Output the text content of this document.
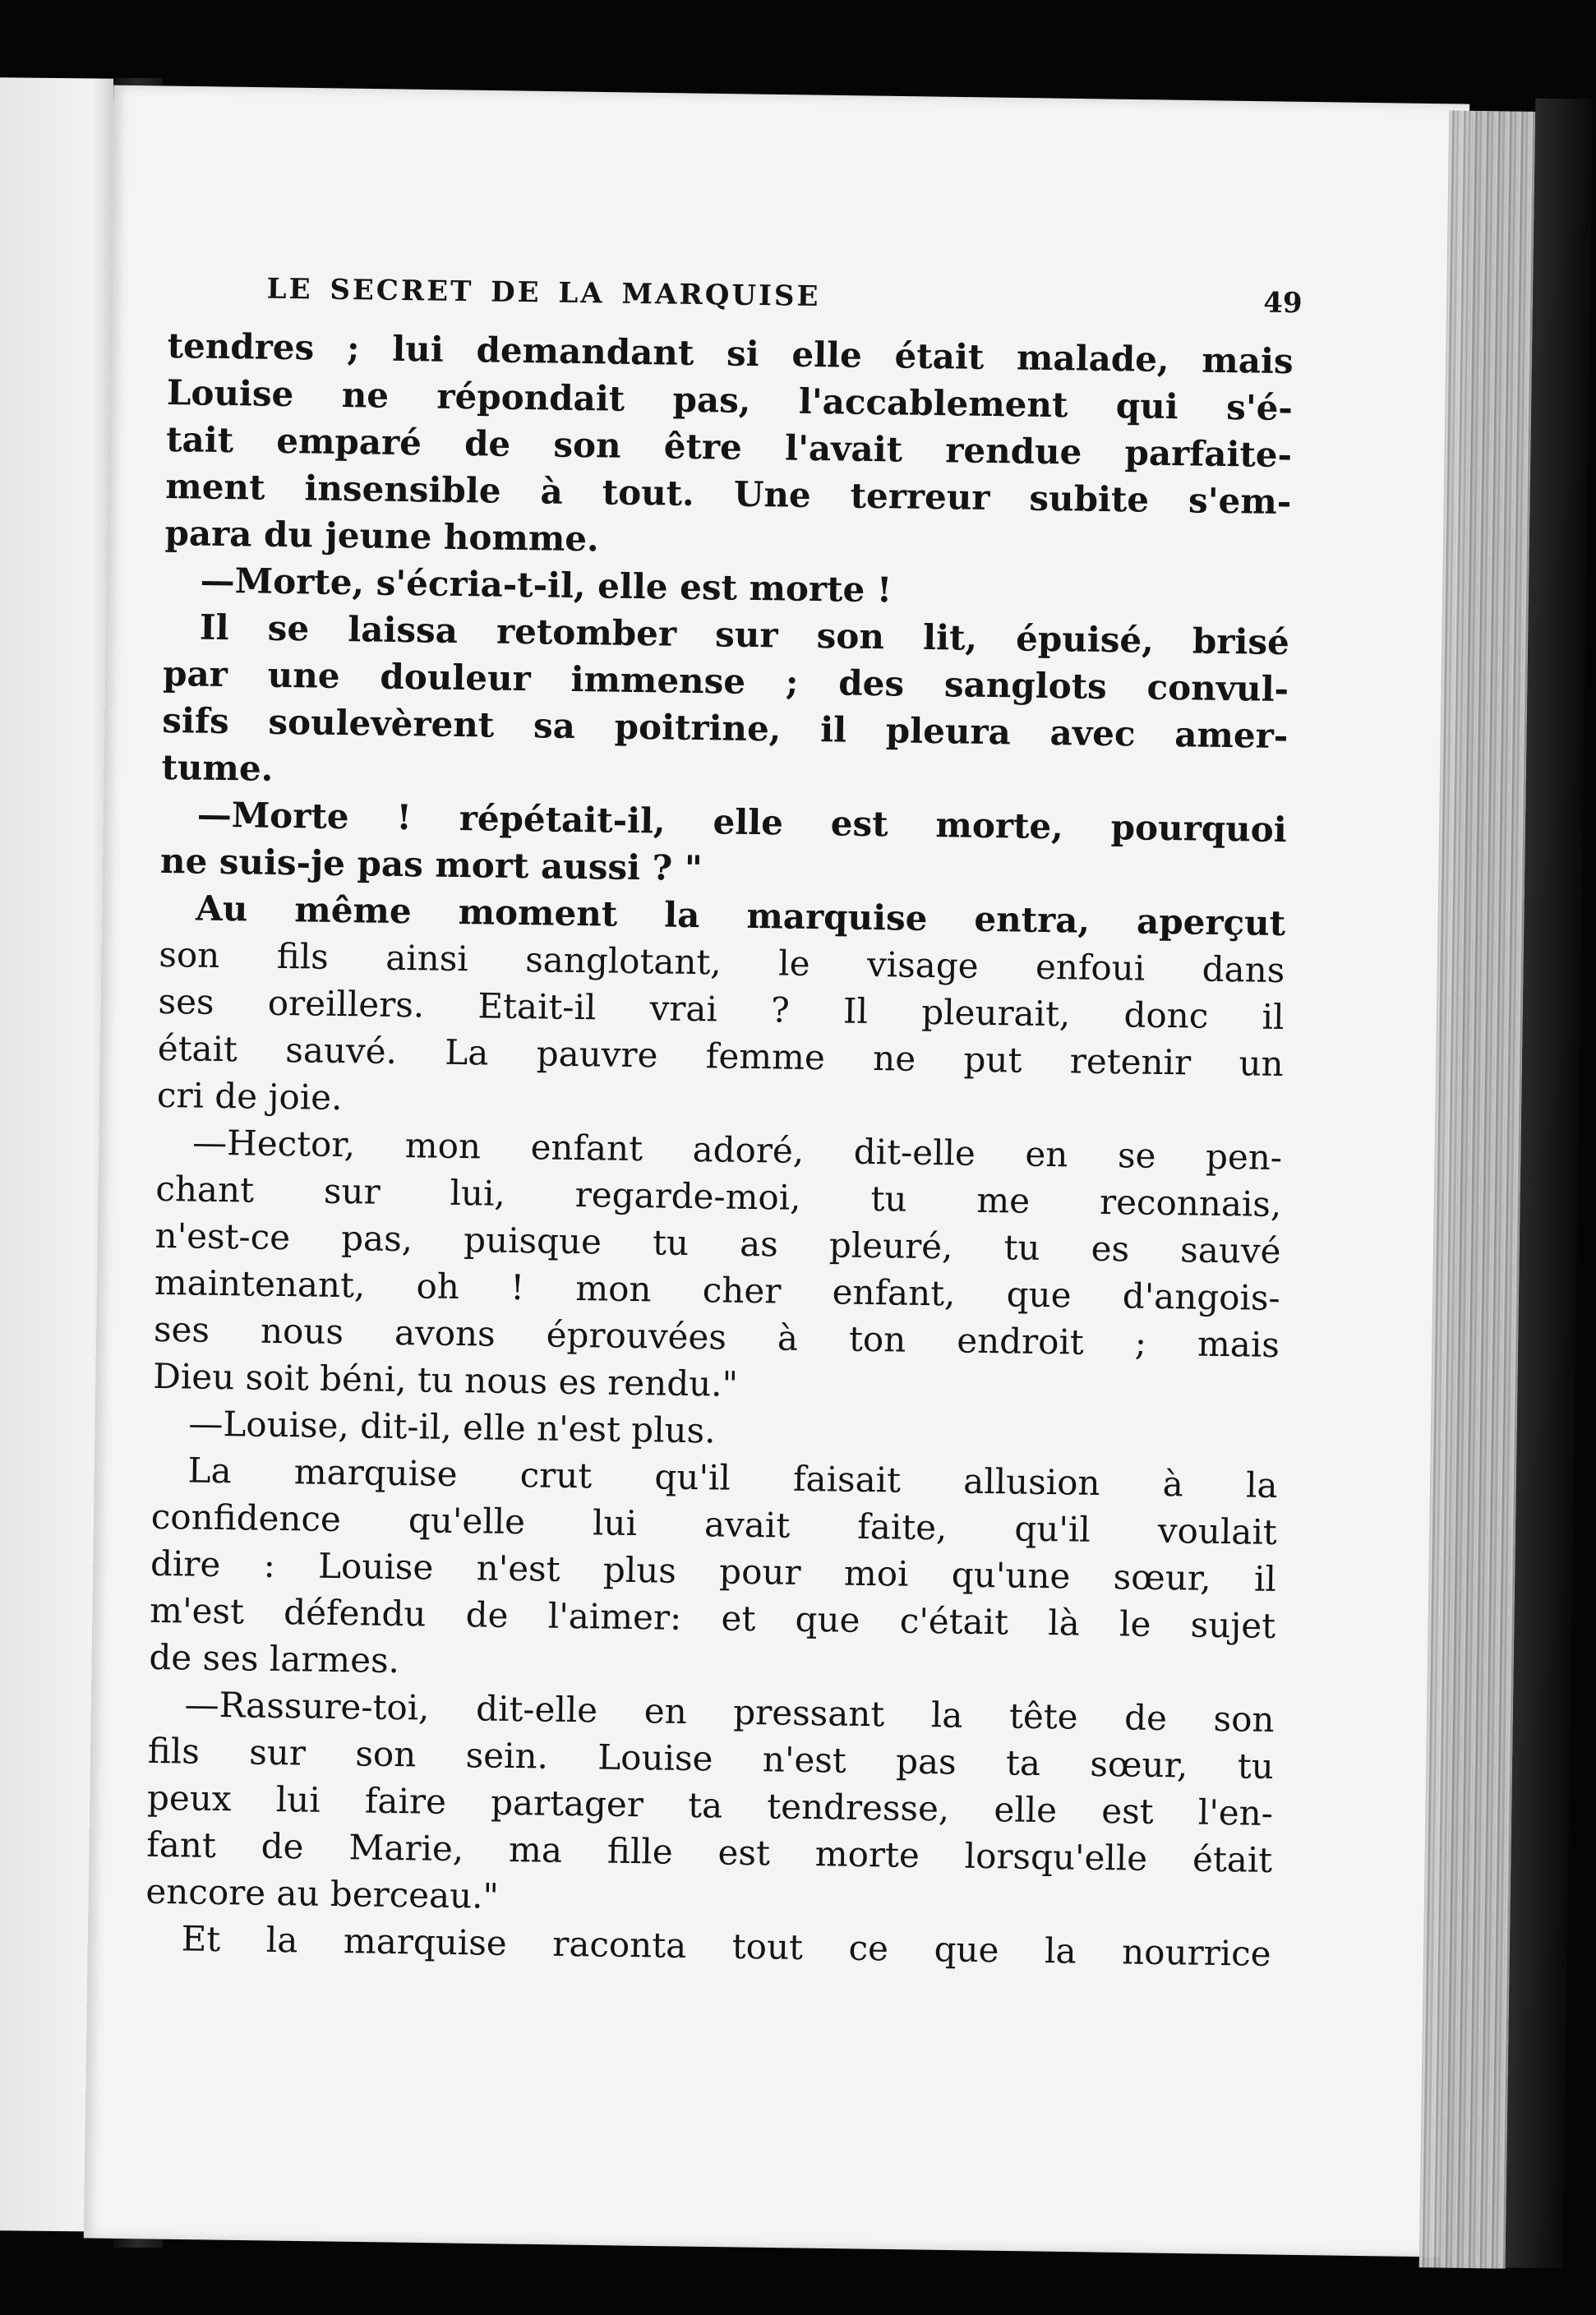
LE SECRET DE LA MARQUISE	49
tendres ; lui demandant si elle était malade, mais
Louise ne répondait pas, l'accablement qui s'é-
tait emparé de son être l'avait rendue parfaite-
ment insensible à tout. Une terreur subite s'em-
para du jeune homme.
—Morte, s'écria-t-il, elle est morte !
Il se laissa retomber sur son lit, épuisé, brisé
par une douleur immense ; des sanglots convul-
sifs soulevèrent sa poitrine, il pleura avec amer-
tume.
—Morte ! répétait-il, elle est morte, pourquoi
ne suis-je pas mort aussi ? "
Au même moment la marquise entra, aperçut
son fils ainsi sanglotant, le visage enfoui dans
ses oreillers. Etait-il vrai ? Il pleurait, donc il
était sauvé. La pauvre femme ne put retenir un
cri de joie.
—Hector, mon enfant adoré, dit-elle en se pen-
chant sur lui, regarde-moi, tu me reconnais,
n'est-ce pas, puisque tu as pleuré, tu es sauvé
maintenant, oh ! mon cher enfant, que d'angois-
ses nous avons éprouvées à ton endroit ; mais
Dieu soit béni, tu nous es rendu."
—Louise, dit-il, elle n'est plus.
La marquise crut qu'il faisait allusion à la
confidence qu'elle lui avait faite, qu'il voulait
dire : Louise n'est plus pour moi qu'une sœur, il
m'est défendu de l'aimer: et que c'était là le sujet
de ses larmes.
—Rassure-toi, dit-elle en pressant la tête de son
fils sur son sein. Louise n'est pas ta sœur, tu
peux lui faire partager ta tendresse, elle est l'en-
fant de Marie, ma fille est morte lorsqu'elle était
encore au berceau."
Et la marquise raconta tout ce que la nourrice
